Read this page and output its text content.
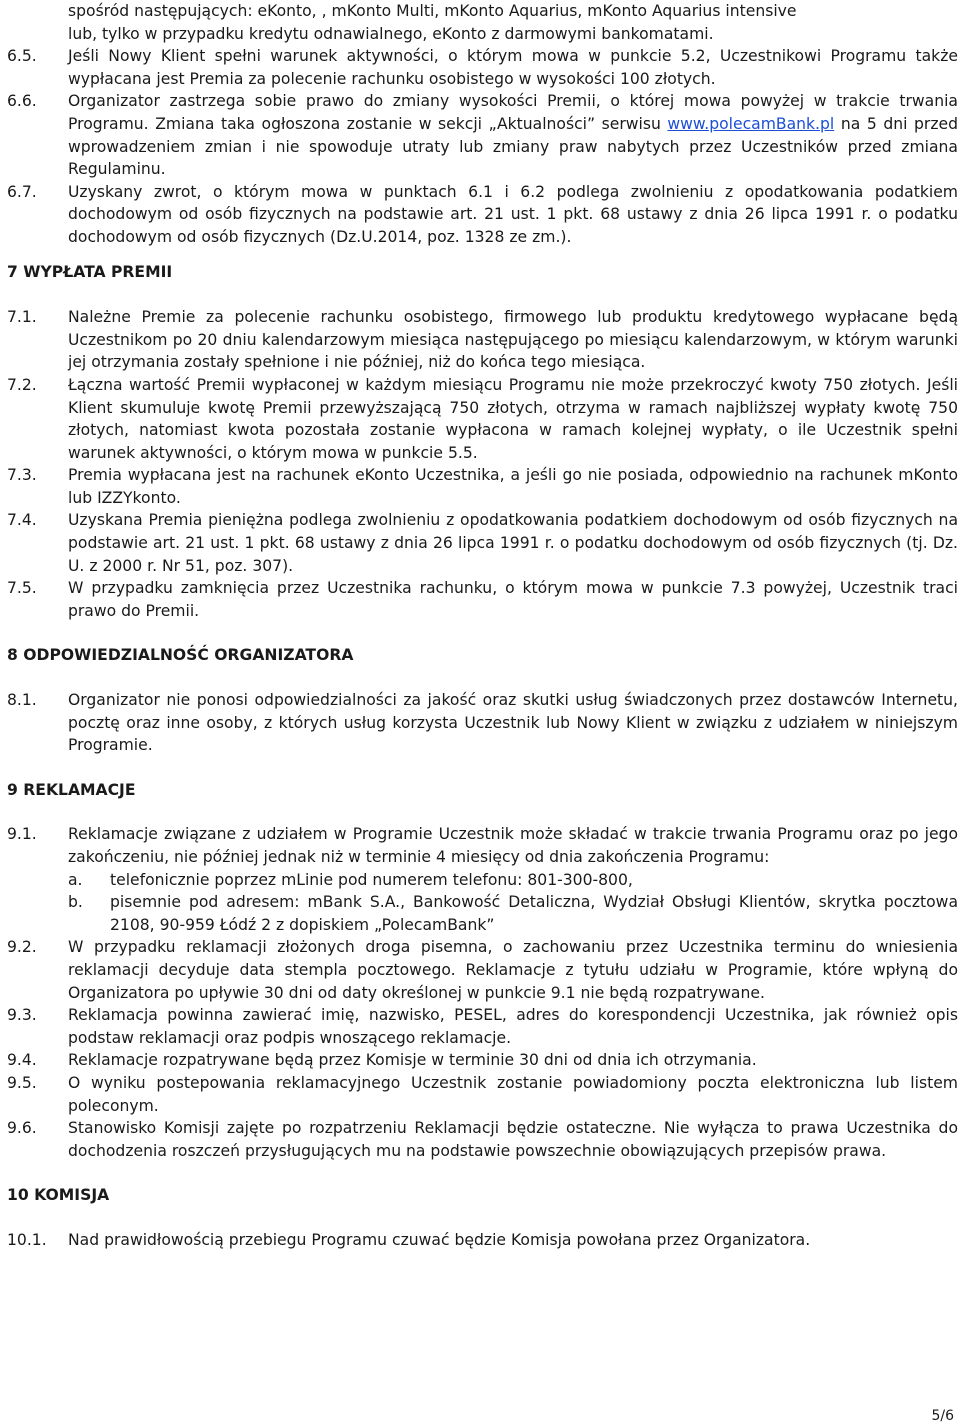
spośród następujących: eKonto, , mKonto Multi, mKonto Aquarius, mKonto Aquarius intensive
lub, tylko w przypadku kredytu odnawialnego, eKonto z darmowymi bankomatami.
6.5.	Jeśli Nowy Klient spełni warunek aktywności, o którym mowa w punkcie 5.2, Uczestnikowi Programu także wypłacana jest Premia za polecenie rachunku osobistego w wysokości 100 złotych.
6.6.	Organizator zastrzega sobie prawo do zmiany wysokości Premii, o której mowa powyżej w trakcie trwania Programu. Zmiana taka ogłoszona zostanie w sekcji „Aktualności” serwisu www.polecamBank.pl na 5 dni przed wprowadzeniem zmian i nie spowoduje utraty lub zmiany praw nabytych przez Uczestników przed zmiana Regulaminu.
6.7.	Uzyskany zwrot, o którym mowa w punktach 6.1 i 6.2 podlega zwolnieniu z opodatkowania podatkiem dochodowym od osób fizycznych na podstawie art. 21 ust. 1 pkt. 68 ustawy z dnia 26 lipca 1991 r. o podatku dochodowym od osób fizycznych (Dz.U.2014, poz. 1328 ze zm.).
7 WYPŁATA PREMII
7.1.	Należne Premie za polecenie rachunku osobistego, firmowego lub produktu kredytowego wypłacane będą Uczestnikom po 20 dniu kalendarzowym miesiąca następującego po miesiącu kalendarzowym, w którym warunki jej otrzymania zostały spełnione i nie później, niż do końca tego miesiąca.
7.2.	Łączna wartość Premii wypłaconej w każdym miesiącu Programu nie może przekroczyć kwoty 750 złotych. Jeśli Klient skumuluje kwotę Premii przewyższającą 750 złotych, otrzyma w ramach najbliższej wypłaty kwotę 750 złotych, natomiast kwota pozostała zostanie wypłacona w ramach kolejnej wypłaty, o ile Uczestnik spełni warunek aktywności, o którym mowa w punkcie 5.5.
7.3.	Premia wypłacana jest na rachunek eKonto Uczestnika, a jeśli go nie posiada, odpowiednio na rachunek mKonto lub IZZYkonto.
7.4.	Uzyskana Premia pieniężna podlega zwolnieniu z opodatkowania podatkiem dochodowym od osób fizycznych na podstawie art. 21 ust. 1 pkt. 68 ustawy z dnia 26 lipca 1991 r. o podatku dochodowym od osób fizycznych (tj. Dz. U. z 2000 r. Nr 51, poz. 307).
7.5.	W przypadku zamknięcia przez Uczestnika rachunku, o którym mowa w punkcie 7.3 powyżej, Uczestnik traci prawo do Premii.
8 ODPOWIEDZIALNOŚĆ ORGANIZATORA
8.1.	Organizator nie ponosi odpowiedzialności za jakość oraz skutki usług świadczonych przez dostawców Internetu, pocztę oraz inne osoby, z których usług korzysta Uczestnik lub Nowy Klient w związku z udziałem w niniejszym Programie.
9 REKLAMACJE
9.1.	Reklamacje związane z udziałem w Programie Uczestnik może składać w trakcie trwania Programu oraz po jego zakończeniu, nie później jednak niż w terminie 4 miesięcy od dnia zakończenia Programu:
a.	telefonicznie poprzez mLinie pod numerem telefonu: 801-300-800,
b.	pisemnie pod adresem: mBank S.A., Bankowość Detaliczna, Wydział Obsługi Klientów, skrytka pocztowa 2108, 90-959 Łódź 2 z dopiskiem „PolecamBank”
9.2.	W przypadku reklamacji złożonych droga pisemna, o zachowaniu przez Uczestnika terminu do wniesienia reklamacji decyduje data stempla pocztowego. Reklamacje z tytułu udziału w Programie, które wpłyną do Organizatora po upływie 30 dni od daty określonej w punkcie 9.1 nie będą rozpatrywane.
9.3.	Reklamacja powinna zawierać imię, nazwisko, PESEL, adres do korespondencji Uczestnika, jak również opis podstaw reklamacji oraz podpis wnoszącego reklamacje.
9.4.	Reklamacje rozpatrywane będą przez Komisje w terminie 30 dni od dnia ich otrzymania.
9.5.	O wyniku postepowania reklamacyjnego Uczestnik zostanie powiadomiony poczta elektroniczna lub listem poleconym.
9.6.	Stanowisko Komisji zajęte po rozpatrzeniu Reklamacji będzie ostateczne. Nie wyłącza to prawa Uczestnika do dochodzenia roszczeń przysługujących mu na podstawie powszechnie obowiązujących przepisów prawa.
10 KOMISJA
10.1.	Nad prawidłowością przebiegu Programu czuwać będzie Komisja powołana przez Organizatora.
5/6
